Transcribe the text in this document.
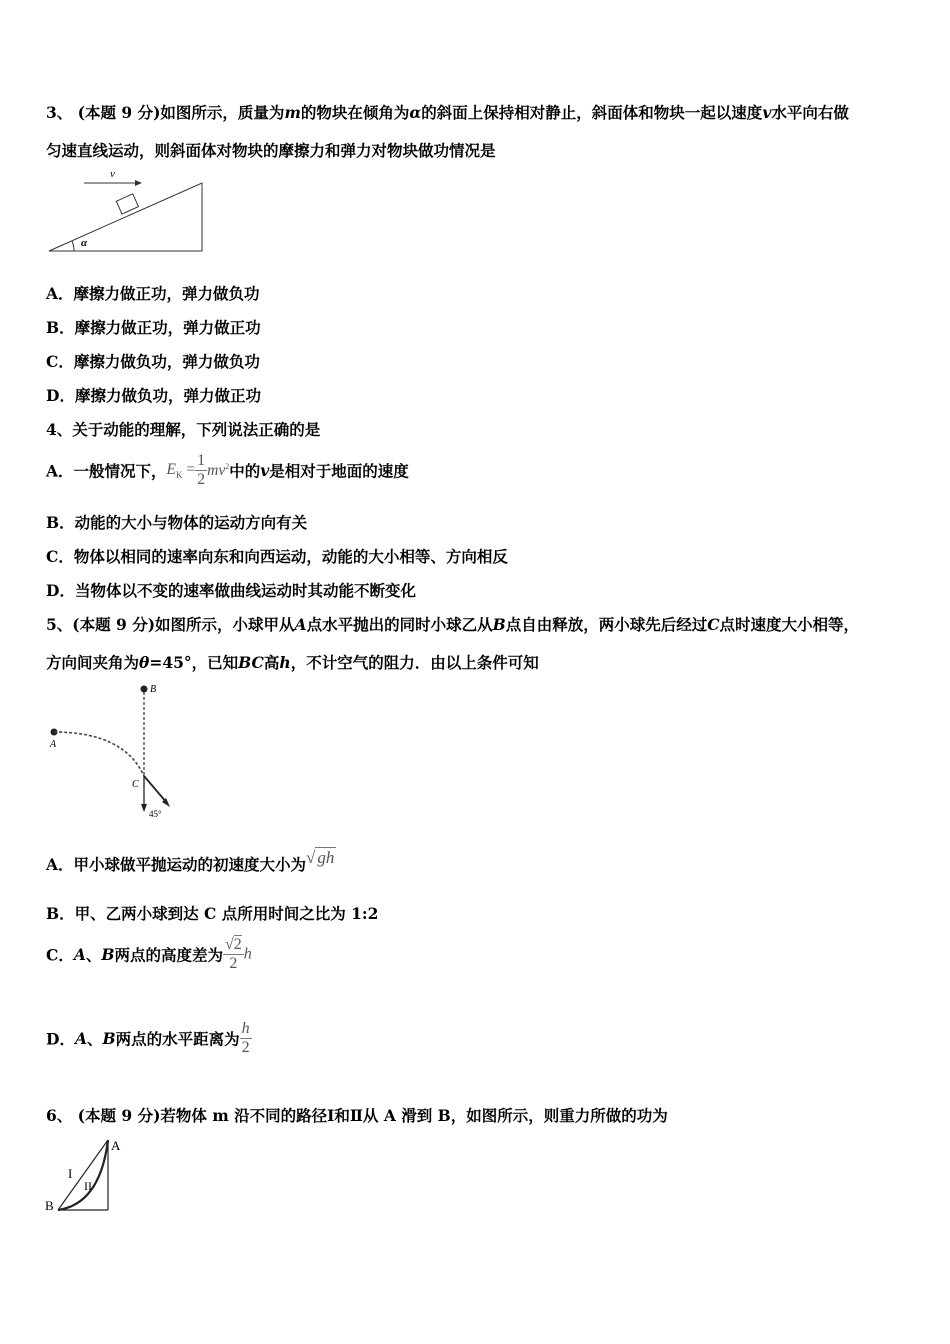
3、 (本题 9 分)如图所示，质量为m的物块在倾角为α的斜面上保持相对静止，斜面体和物块一起以速度v水平向右做
匀速直线运动，则斜面体对物块的摩擦力和弹力对物块做功情况是
v
α
A．摩擦力做正功，弹力做负功
B．摩擦力做正功，弹力做正功
C．摩擦力做负功，弹力做负功
D．摩擦力做负功，弹力做正功
4、关于动能的理解，下列说法正确的是
A．一般情况下，$E_K = \frac{1}{2} mv^2$中的v是相对于地面的速度
B．动能的大小与物体的运动方向有关
C．物体以相同的速率向东和向西运动，动能的大小相等、方向相反
D．当物体以不变的速率做曲线运动时其动能不断变化
5、(本题 9 分)如图所示，小球甲从A点水平抛出的同时小球乙从B点自由释放，两小球先后经过C点时速度大小相等，
方向间夹角为θ=45°，已知BC高h，不计空气的阻力．由以上条件可知
B
A
C
45°
A．甲小球做平抛运动的初速度大小为√ gh
B．甲、乙两小球到达 C 点所用时间之比为 1:2
C．A、B两点的高度差为 $\frac{√2}{2}$ h
D．A、B两点的水平距离为 $\frac{h}{2}$
6、 (本题 9 分)若物体 m 沿不同的路径Ⅰ和Ⅱ从 A 滑到 B，如图所示，则重力所做的功为
A
B
I
II
